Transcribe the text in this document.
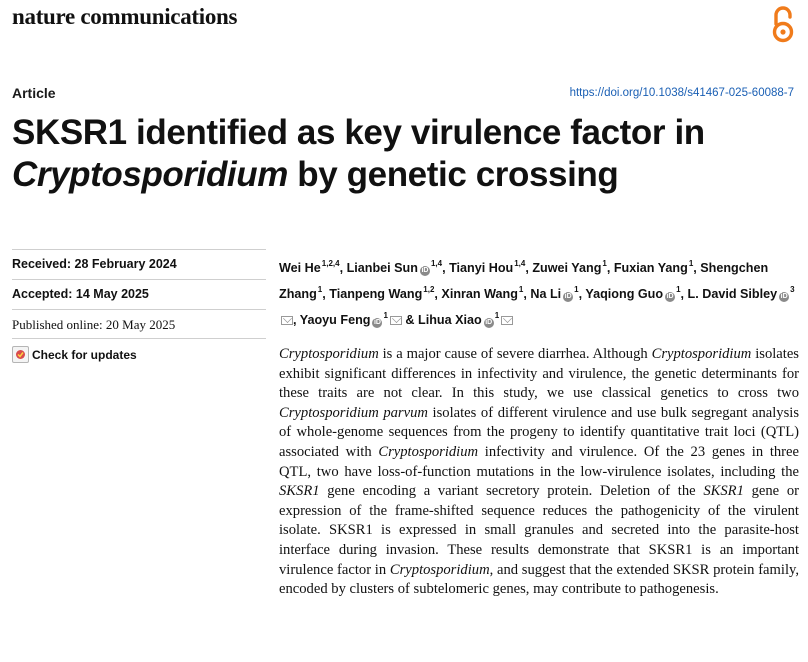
nature communications
Article	https://doi.org/10.1038/s41467-025-60088-7
SKSR1 identified as key virulence factor in
Cryptosporidium by genetic crossing
Received: 28 February 2024
Accepted: 14 May 2025
Published online: 20 May 2025
Check for updates
Wei He$^{1,2,4}$, Lianbei Sun iD$^{1,4}$, Tianyi Hou$^{1,4}$, Zuwei Yang$^1$, Fuxian Yang$^1$, Shengchen Zhang$^1$, Tianpeng Wang$^{1,2}$, Xinran Wang$^1$, Na Li $iD^1$, Yaqiong Guo $iD^1$, L. David Sibley $iD^3$, Yaoyu Feng $iD^1$ & Lihua Xiao $iD^1$

Cryptosporidium is a major cause of severe diarrhea. Although Cryptosporidium isolates exhibit significant differences in infectivity and virulence, the genetic determinants for these traits are not clear. In this study, we use classical genetics to cross two Cryptosporidium parvum isolates of different virulence and use bulk segregant analysis of whole-genome sequences from the progeny to identify quantitative trait loci (QTL) associated with Cryptosporidium infectivity and virulence. Of the 23 genes in three QTL, two have loss-of-function mutations in the low-virulence isolates, including the SKSR1 gene encoding a variant secretory protein. Deletion of the SKSR1 gene or expression of the frame-shifted sequence reduces the pathogenicity of the virulent isolate. SKSR1 is expressed in small granules and secreted into the parasite-host interface during invasion. These results demonstrate that SKSR1 is an important virulence factor in Cryptosporidium, and suggest that the extended SKSR protein family, encoded by clusters of subtelomeric genes, may contribute to pathogenesis.
